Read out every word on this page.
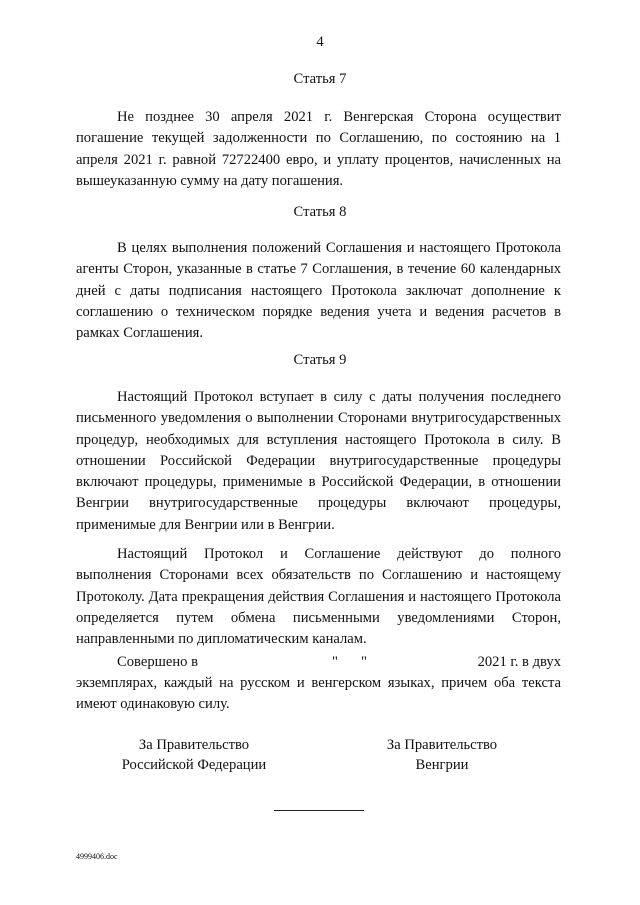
4
Статья 7

Не позднее 30 апреля 2021 г. Венгерская Сторона осуществит погашение текущей задолженности по Соглашению, по состоянию на 1 апреля 2021 г. равной 72722400 евро, и уплату процентов, начисленных на вышеуказанную сумму на дату погашения.

Статья 8

В целях выполнения положений Соглашения и настоящего Протокола агенты Сторон, указанные в статье 7 Соглашения, в течение 60 календарных дней с даты подписания настоящего Протокола заключат дополнение к соглашению о техническом порядке ведения учета и ведения расчетов в рамках Соглашения.

Статья 9

Настоящий Протокол вступает в силу с даты получения последнего письменного уведомления о выполнении Сторонами внутригосударственных процедур, необходимых для вступления настоящего Протокола в силу. В отношении Российской Федерации внутригосударственные процедуры включают процедуры, применимые в Российской Федерации, в отношении Венгрии внутригосударственные процедуры включают процедуры, применимые для Венгрии или в Венгрии.

Настоящий Протокол и Соглашение действуют до полного выполнения Сторонами всех обязательств по Соглашению и настоящему Протоколу. Дата прекращения действия Соглашения и настоящего Протокола определяется путем обмена письменными уведомлениями Сторон, направленными по дипломатическим каналам.

Совершено в	" "	2021 г. в двух

экземплярах, каждый на русском и венгерском языках, причем оба текста имеют одинаковую силу.

За Правительство
Российской Федерации
За Правительство
Венгрии
4999406.doc
